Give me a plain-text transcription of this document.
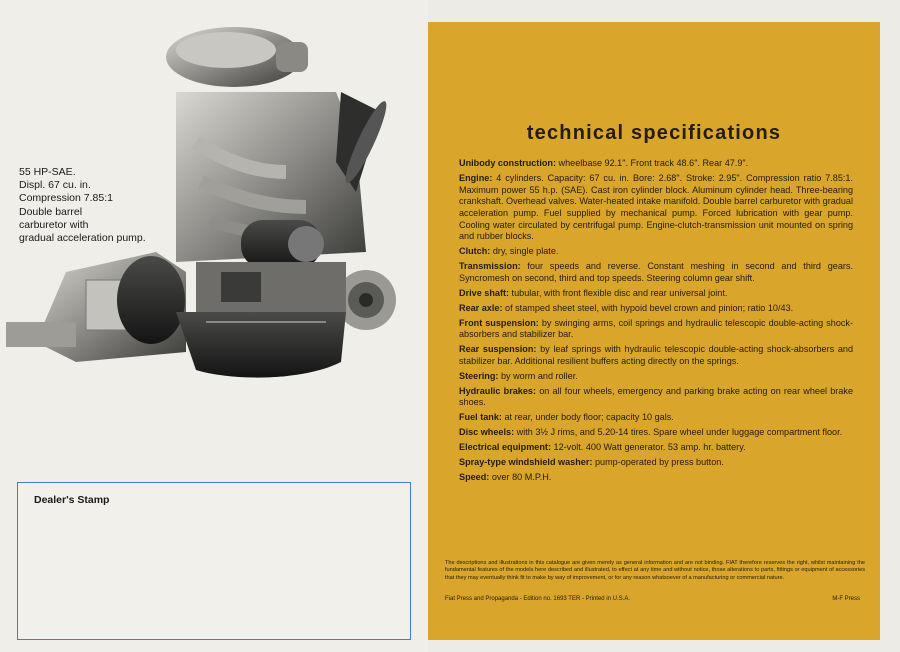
55 HP-SAE.
Displ. 67 cu. in.
Compression 7.85:1
Double barrel
carburetor with
gradual acceleration pump.
Dealer's Stamp
technical specifications
Unibody construction: wheelbase 92.1". Front track 48.6". Rear 47.9".
Engine: 4 cylinders. Capacity: 67 cu. in. Bore: 2.68". Stroke: 2.95". Compression ratio 7.85:1. Maximum power 55 h.p. (SAE). Cast iron cylinder block. Aluminum cylinder head. Three-bearing crankshaft. Overhead valves. Water-heated intake manifold. Double barrel carburetor with gradual acceleration pump. Fuel supplied by mechanical pump. Forced lubrication with gear pump. Cooling water circulated by centrifugal pump. Engine-clutch-transmission unit mounted on spring and rubber blocks.
Clutch: dry, single plate.
Transmission: four speeds and reverse. Constant meshing in second and third gears. Syncromesh on second, third and top speeds. Steering column gear shift.
Drive shaft: tubular, with front flexible disc and rear universal joint.
Rear axle: of stamped sheet steel, with hypoid bevel crown and pinion; ratio 10/43.
Front suspension: by swinging arms, coil springs and hydraulic telescopic double-acting shock-absorbers and stabilizer bar.
Rear suspension: by leaf springs with hydraulic telescopic double-acting shock-absorbers and stabilizer bar. Additional resilient buffers acting directly on the springs.
Steering: by worm and roller.
Hydraulic brakes: on all four wheels, emergency and parking brake acting on rear wheel brake shoes.
Fuel tank: at rear, under body floor; capacity 10 gals.
Disc wheels: with 3½ J rims, and 5.20-14 tires. Spare wheel under luggage compartment floor.
Electrical equipment: 12-volt. 400 Watt generator. 53 amp. hr. battery.
Spray-type windshield washer: pump-operated by press button.
Speed: over 80 M.P.H.
The descriptions and illustrations in this catalogue are given merely as general information and are not binding. FIAT therefore reserves the right, whilst maintaining the fundamental features of the models here described and illustrated, to effect at any time and without notice, those alterations to parts, fittings or equipment of accessories that they may eventually think fit to make by way of improvement, or for any reason whatsoever of a manufacturing or commercial nature.
Fiat Press and Propaganda - Edition no. 1693 TER - Printed in U.S.A.	M-F Press
